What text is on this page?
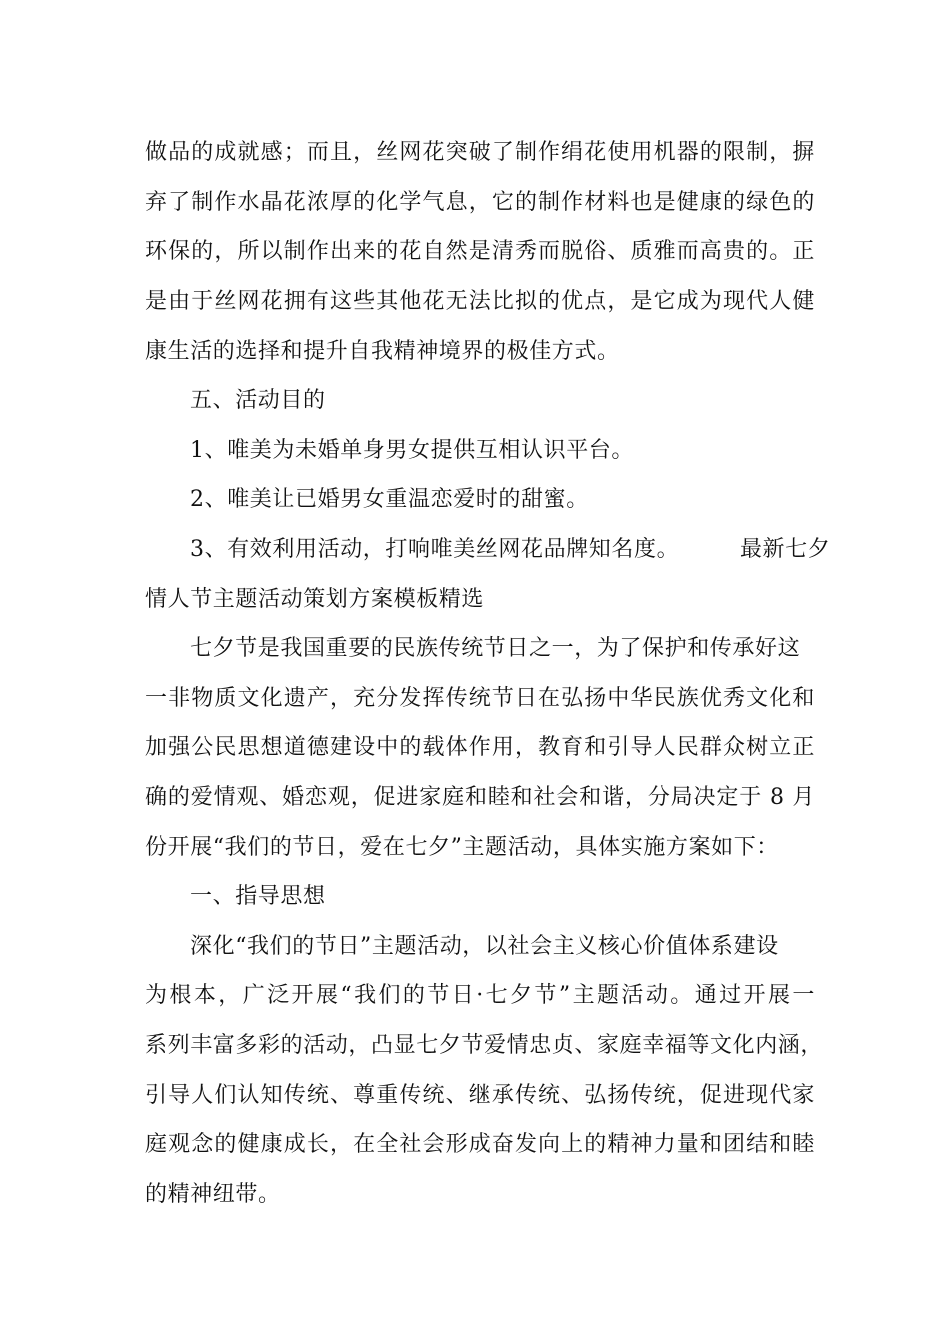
做品的成就感；而且，丝网花突破了制作绢花使用机器的限制，摒
弃了制作水晶花浓厚的化学气息，它的制作材料也是健康的绿色的
环保的，所以制作出来的花自然是清秀而脱俗、质雅而高贵的。正
是由于丝网花拥有这些其他花无法比拟的优点，是它成为现代人健
康生活的选择和提升自我精神境界的极佳方式。
五、活动目的
1、唯美为未婚单身男女提供互相认识平台。
2、唯美让已婚男女重温恋爱时的甜蜜。
3、有效利用活动，打响唯美丝网花品牌知名度。        最新七夕
情人节主题活动策划方案模板精选
七夕节是我国重要的民族传统节日之一，为了保护和传承好这
一非物质文化遗产，充分发挥传统节日在弘扬中华民族优秀文化和
加强公民思想道德建设中的载体作用，教育和引导人民群众树立正
确的爱情观、婚恋观，促进家庭和睦和社会和谐，分局决定于 8 月
份开展“我们的节日，爱在七夕”主题活动，具体实施方案如下：
一、指导思想
深化“我们的节日”主题活动，以社会主义核心价值体系建设
为根本，广泛开展“我们的节日·七夕节”主题活动。通过开展一
系列丰富多彩的活动，凸显七夕节爱情忠贞、家庭幸福等文化内涵，
引导人们认知传统、尊重传统、继承传统、弘扬传统，促进现代家
庭观念的健康成长，在全社会形成奋发向上的精神力量和团结和睦
的精神纽带。
